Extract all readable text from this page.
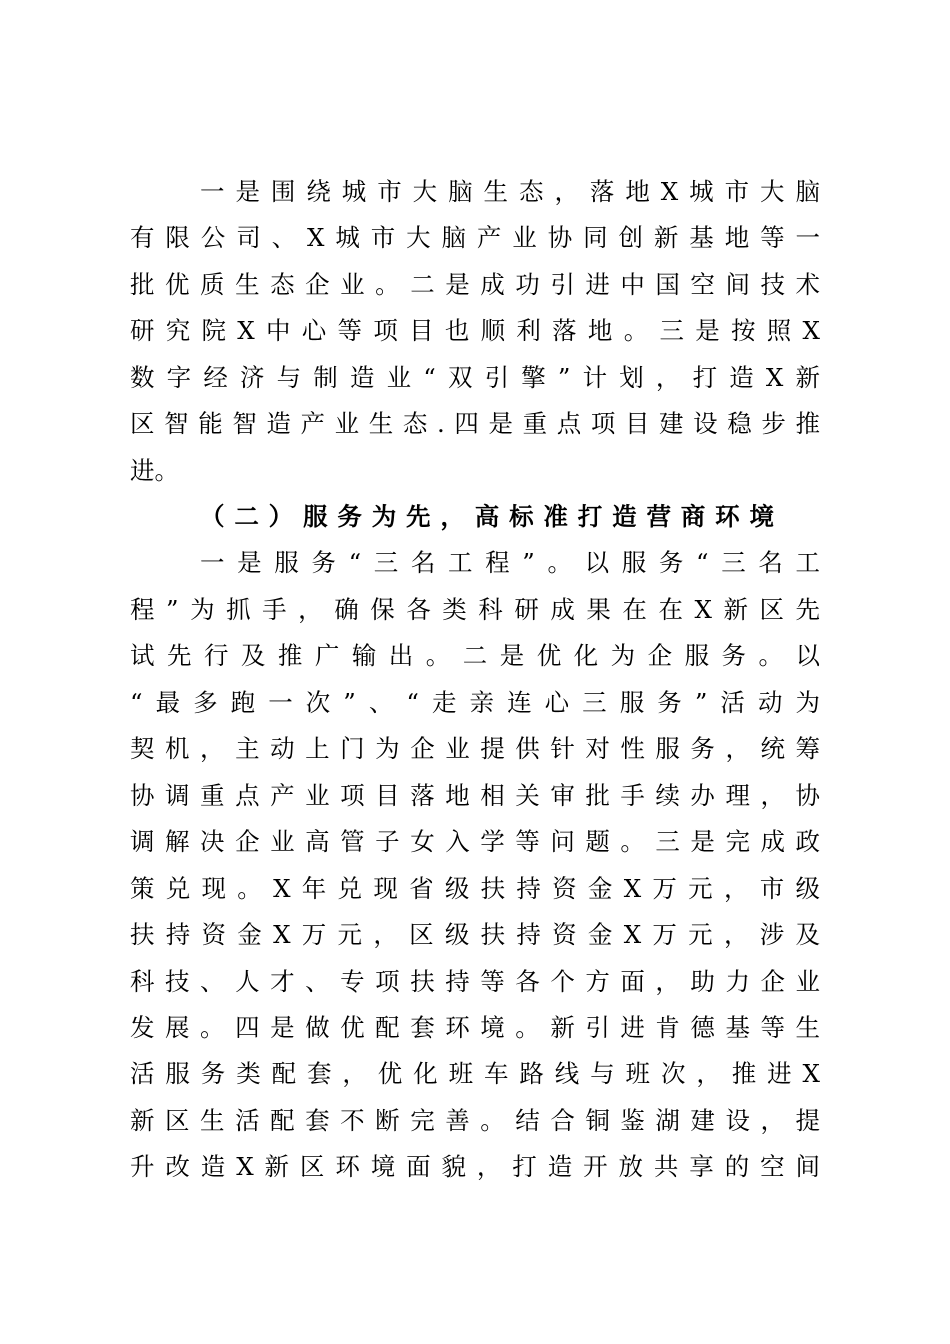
一是围绕城市大脑生态，落地X城市大脑
有限公司、X城市大脑产业协同创新基地等一
批优质生态企业。二是成功引进中国空间技术
研究院X中心等项目也顺利落地。三是按照X
数字经济与制造业“双引擎”计划，打造X新
区智能智造产业生态.四是重点项目建设稳步推
进。
（二）服务为先，高标准打造营商环境
一是服务“三名工程”。以服务“三名工
程”为抓手，确保各类科研成果在在X新区先
试先行及推广输出。二是优化为企服务。以
“最多跑一次”、“走亲连心三服务”活动为
契机，主动上门为企业提供针对性服务，统筹
协调重点产业项目落地相关审批手续办理，协
调解决企业高管子女入学等问题。三是完成政
策兑现。X年兑现省级扶持资金X万元，市级
扶持资金X万元，区级扶持资金X万元，涉及
科技、人才、专项扶持等各个方面，助力企业
发展。四是做优配套环境。新引进肯德基等生
活服务类配套，优化班车路线与班次，推进X
新区生活配套不断完善。结合铜鉴湖建设，提
升改造X新区环境面貌，打造开放共享的空间
